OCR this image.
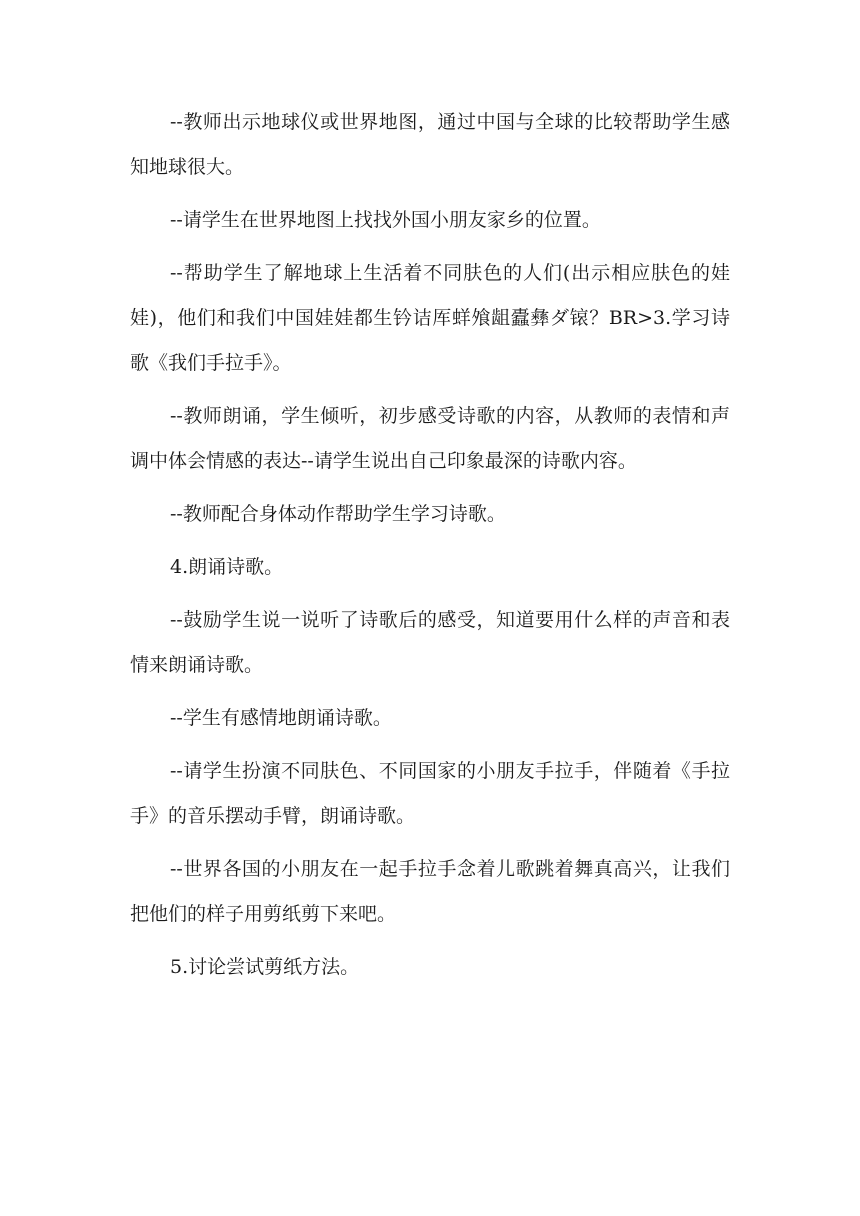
--教师出示地球仪或世界地图，通过中国与全球的比较帮助学生感知地球很大。

--请学生在世界地图上找找外国小朋友家乡的位置。

--帮助学生了解地球上生活着不同肤色的人们(出示相应肤色的娃娃)，他们和我们中国娃娃都生钤诘厍蛘飧龃蠹彝ダ锿？BR>3.学习诗歌《我们手拉手》。

--教师朗诵，学生倾听，初步感受诗歌的内容，从教师的表情和声调中体会情感的表达--请学生说出自己印象最深的诗歌内容。

--教师配合身体动作帮助学生学习诗歌。

4.朗诵诗歌。

--鼓励学生说一说听了诗歌后的感受，知道要用什么样的声音和表情来朗诵诗歌。

--学生有感情地朗诵诗歌。

--请学生扮演不同肤色、不同国家的小朋友手拉手，伴随着《手拉手》的音乐摆动手臂，朗诵诗歌。

--世界各国的小朋友在一起手拉手念着儿歌跳着舞真高兴，让我们把他们的样子用剪纸剪下来吧。

5.讨论尝试剪纸方法。
